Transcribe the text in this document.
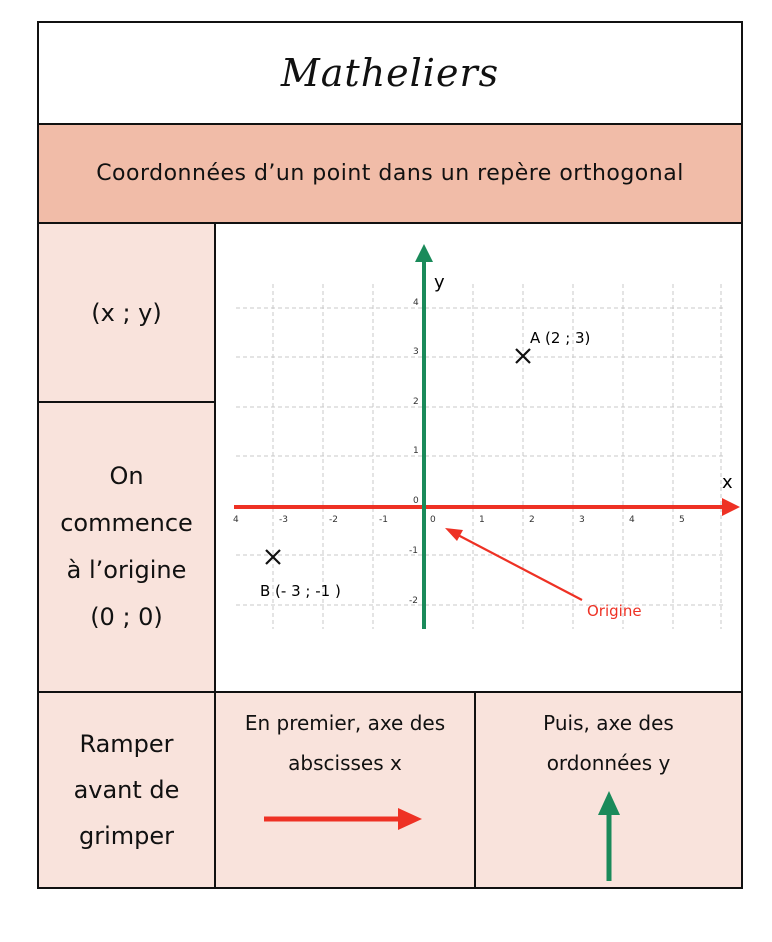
Matheliers
Coordonnées d’un point dans un repère orthogonal
(x ; y)
On
commence
à l’origine
(0 ; 0)
x
y
4	-3	-2	-1	0	1	2	3	4	5
4
3
2
1
0
-1
-2
A (2 ; 3)
B (- 3 ; -1 )
Origine
Ramper
avant de
grimper
En premier, axe des
abscisses x
Puis, axe des
ordonnées y
